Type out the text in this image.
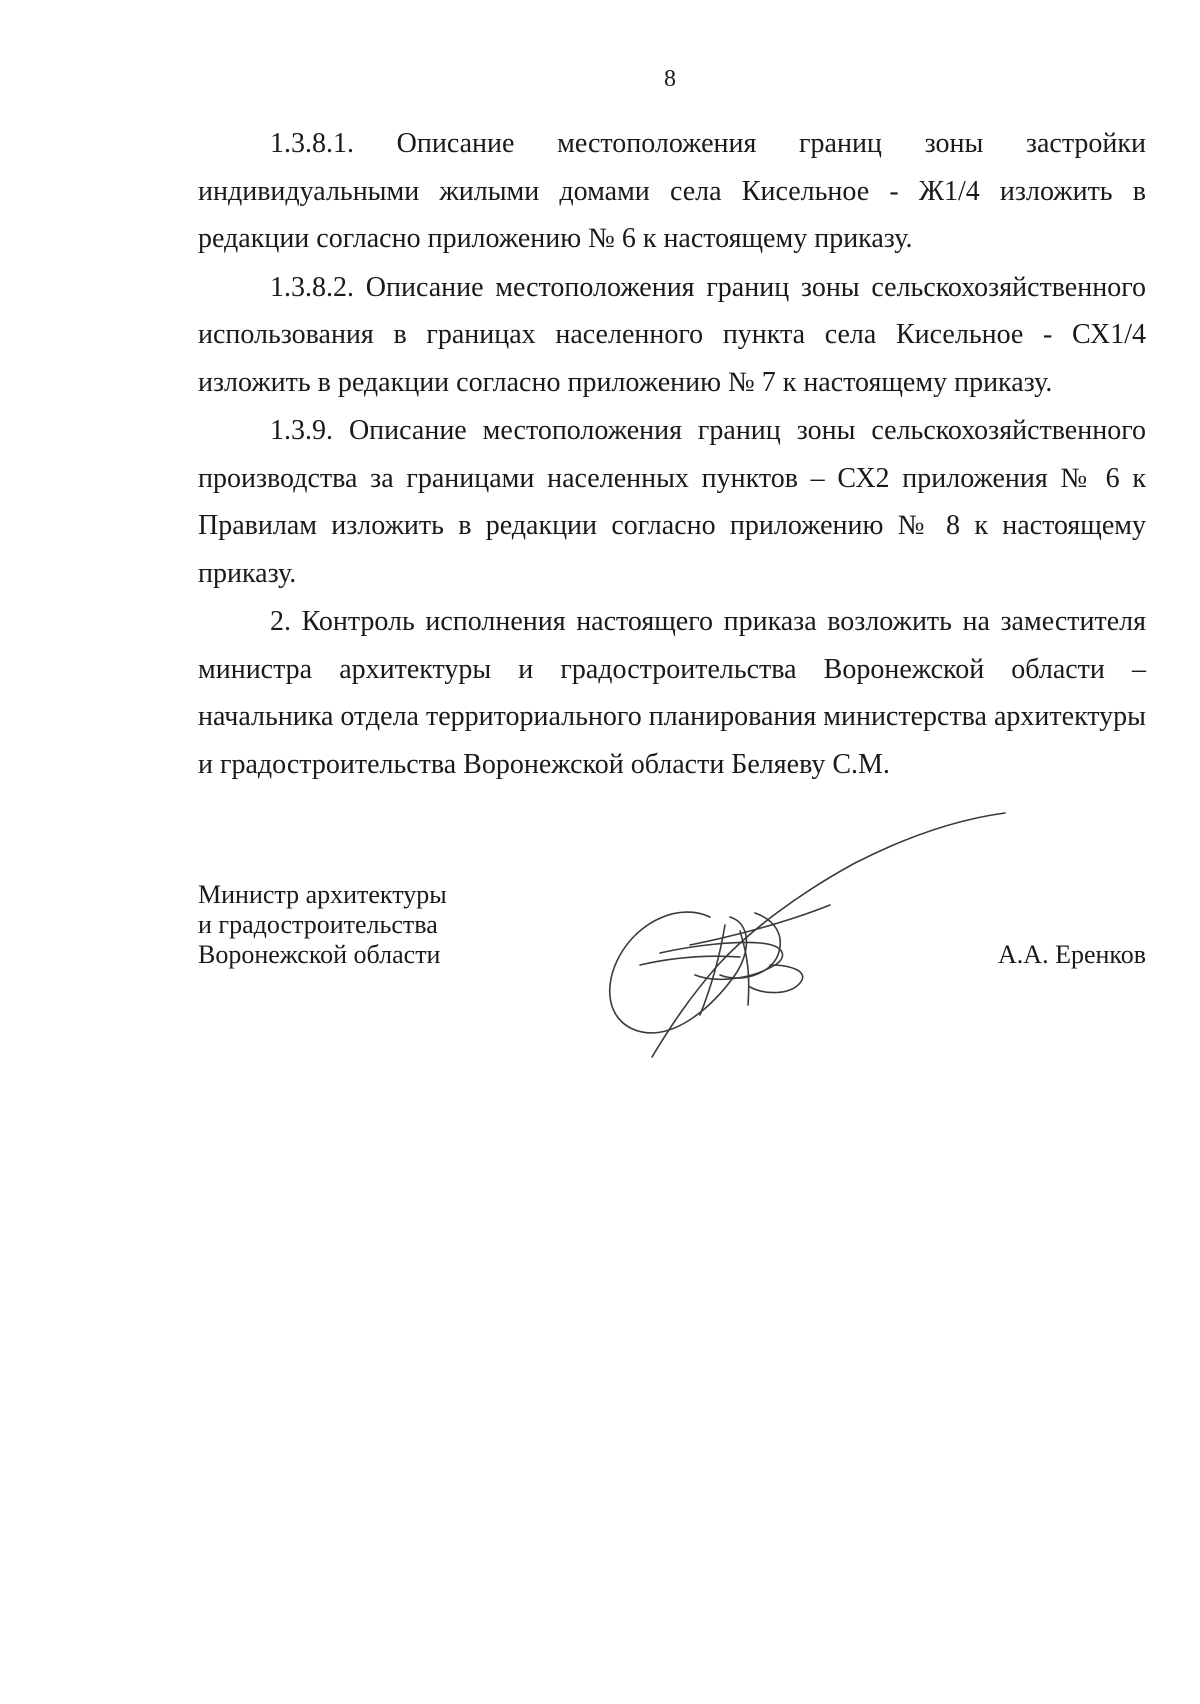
8

1.3.8.1. Описание местоположения границ зоны застройки индивидуальными жилыми домами села Кисельное - Ж1/4 изложить в редакции согласно приложению № 6 к настоящему приказу.

1.3.8.2. Описание местоположения границ зоны сельскохозяйственного использования в границах населенного пункта села Кисельное - СХ1/4 изложить в редакции согласно приложению № 7 к настоящему приказу.

1.3.9. Описание местоположения границ зоны сельскохозяйственного производства за границами населенных пунктов – СХ2 приложения № 6 к Правилам изложить в редакции согласно приложению № 8 к настоящему приказу.

2. Контроль исполнения настоящего приказа возложить на заместителя министра архитектуры и градостроительства Воронежской области – начальника отдела территориального планирования министерства архитектуры и градостроительства Воронежской области Беляеву С.М.

Министр архитектуры
и градостроительства
Воронежской области	А.А. Еренков
